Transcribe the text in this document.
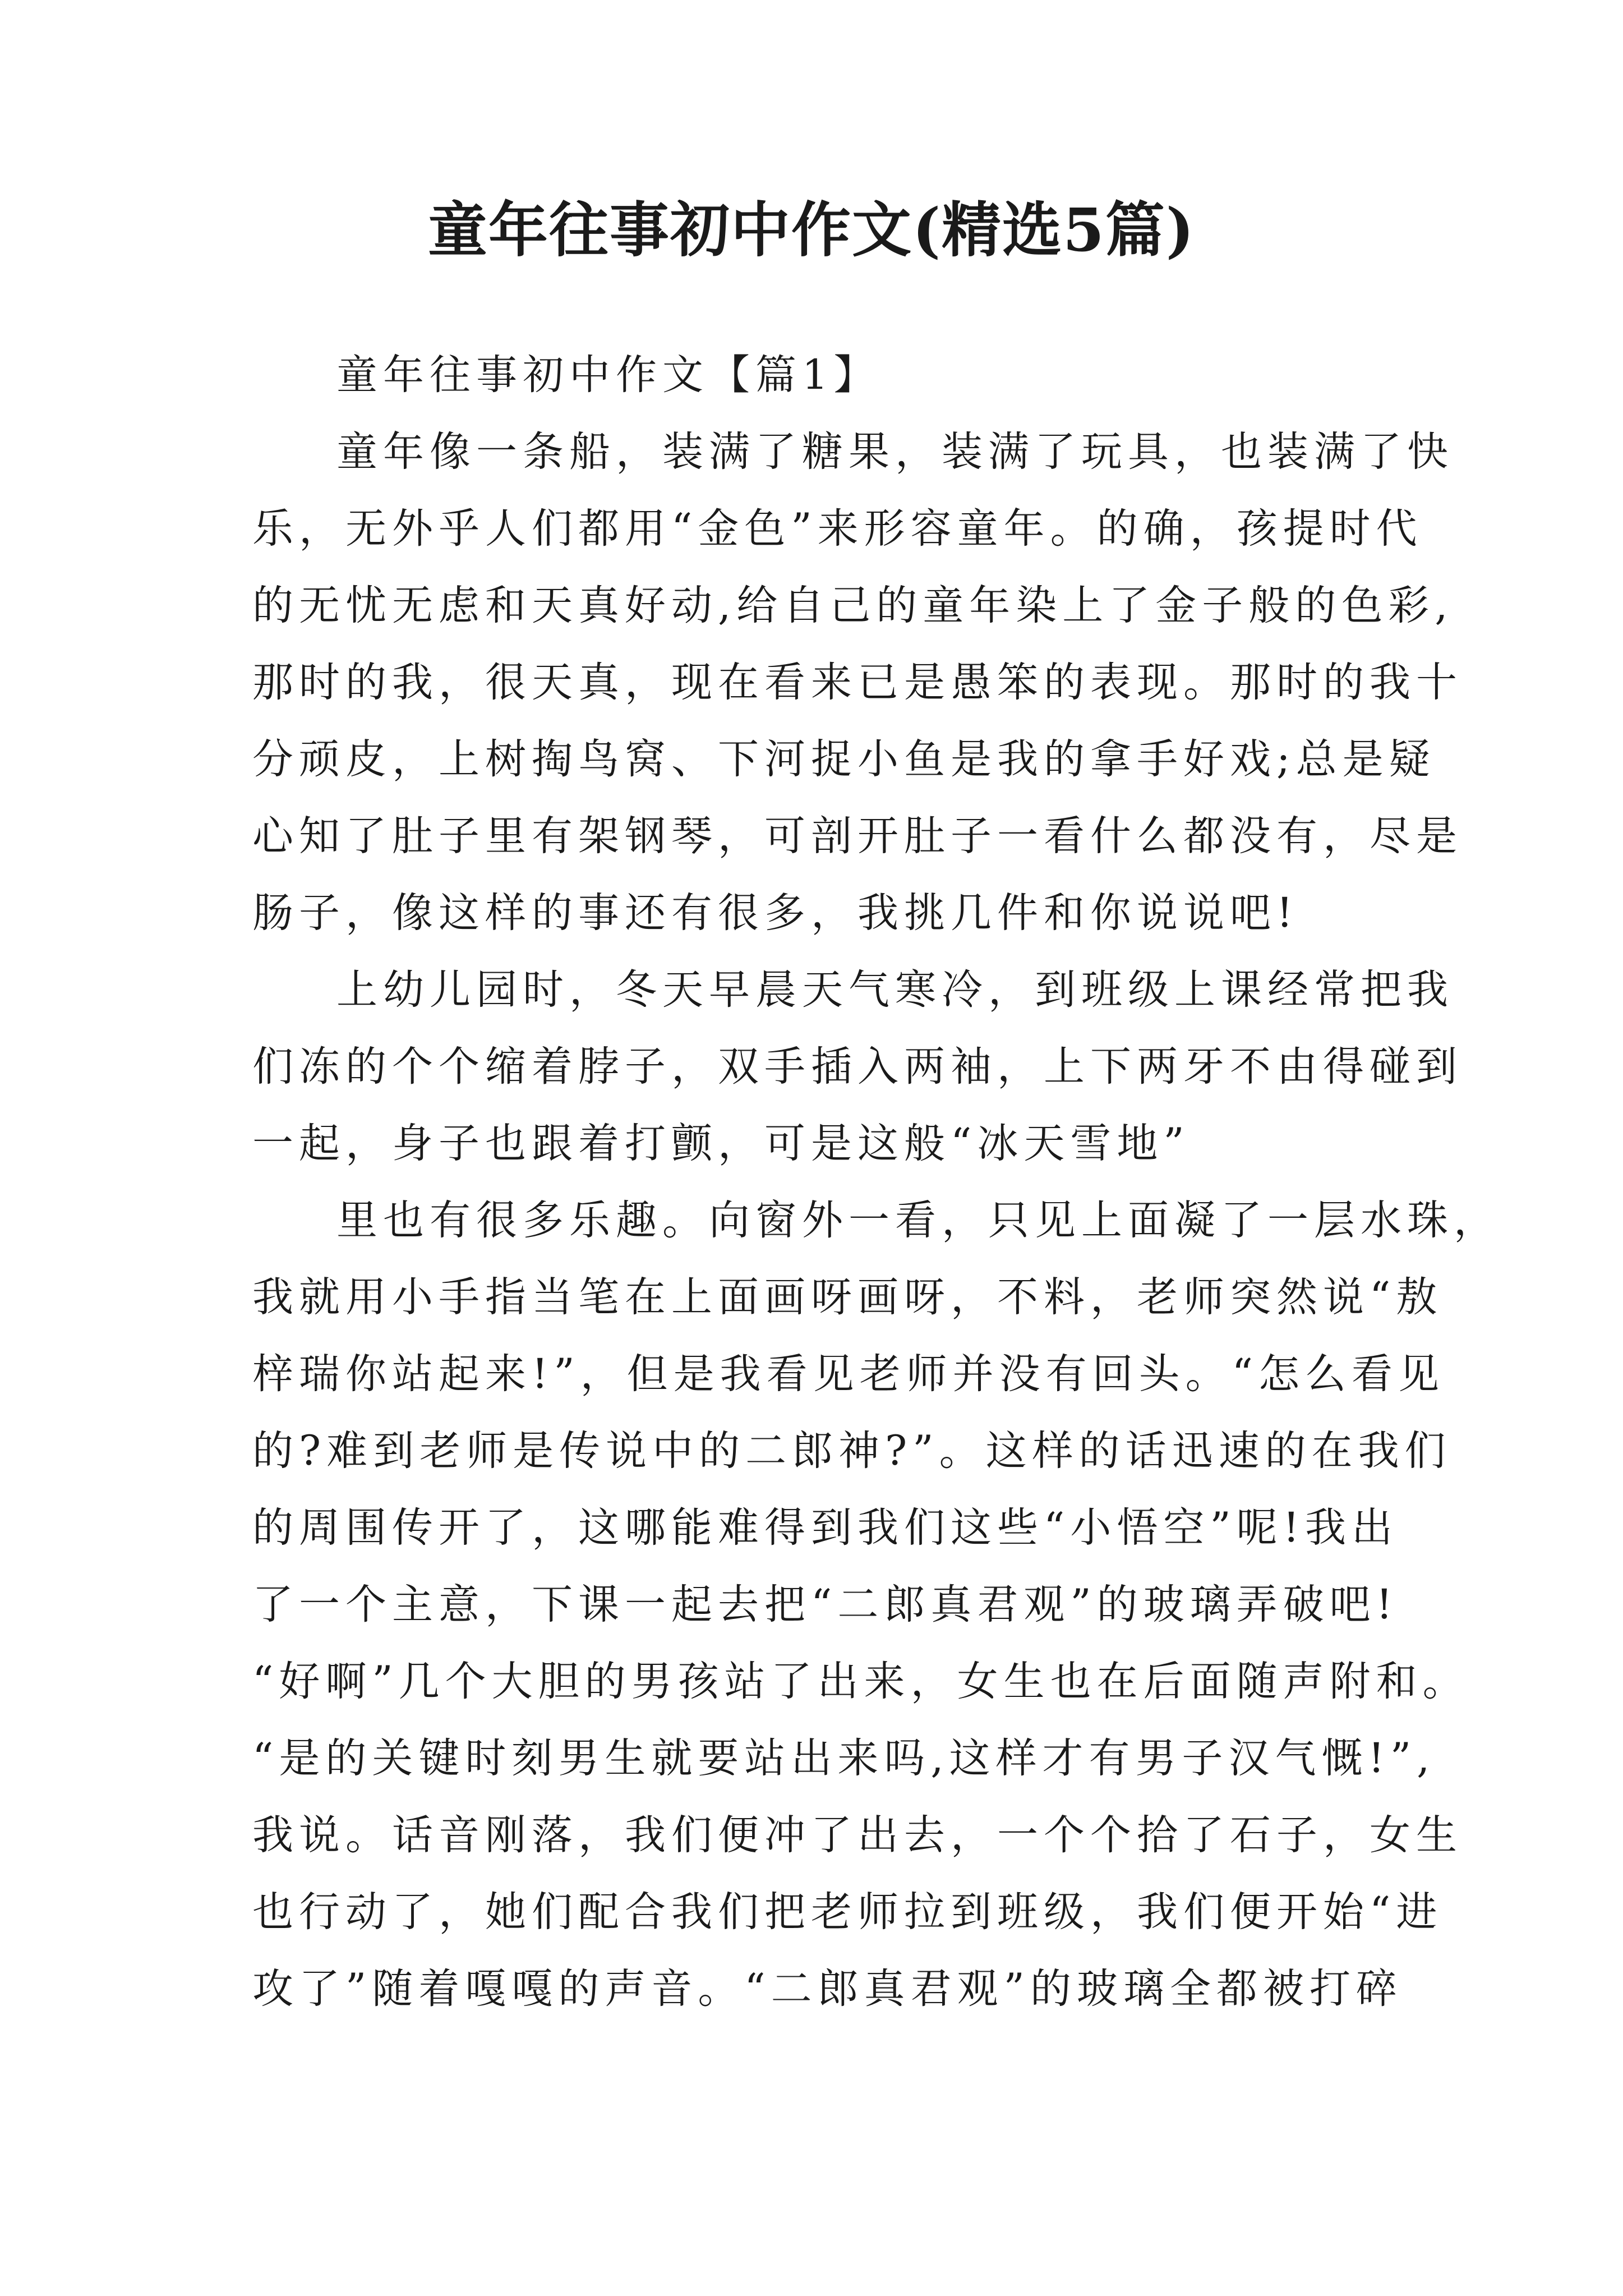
童年往事初中作文(精选5篇)

童年往事初中作文【篇1】

童年像一条船，装满了糖果，装满了玩具，也装满了快

乐，无外乎人们都用“金色”来形容童年。的确，孩提时代

的无忧无虑和天真好动,给自己的童年染上了金子般的色彩,

那时的我，很天真，现在看来已是愚笨的表现。那时的我十

分顽皮，上树掏鸟窝、下河捉小鱼是我的拿手好戏;总是疑

心知了肚子里有架钢琴，可剖开肚子一看什么都没有，尽是

肠子，像这样的事还有很多，我挑几件和你说说吧!

上幼儿园时，冬天早晨天气寒冷，到班级上课经常把我

们冻的个个缩着脖子，双手插入两袖，上下两牙不由得碰到

一起，身子也跟着打颤，可是这般“冰天雪地”

里也有很多乐趣。向窗外一看，只见上面凝了一层水珠，

我就用小手指当笔在上面画呀画呀，不料，老师突然说“敖

梓瑞你站起来!”，但是我看见老师并没有回头。“怎么看见

的?难到老师是传说中的二郎神?”。这样的话迅速的在我们

的周围传开了，这哪能难得到我们这些“小悟空”呢!我出

了一个主意，下课一起去把“二郎真君观”的玻璃弄破吧!

“好啊”几个大胆的男孩站了出来，女生也在后面随声附和。

“是的关键时刻男生就要站出来吗,这样才有男子汉气慨!”,

我说。话音刚落，我们便冲了出去，一个个拾了石子，女生

也行动了，她们配合我们把老师拉到班级，我们便开始“进

攻了”随着嘎嘎的声音。“二郎真君观”的玻璃全都被打碎
